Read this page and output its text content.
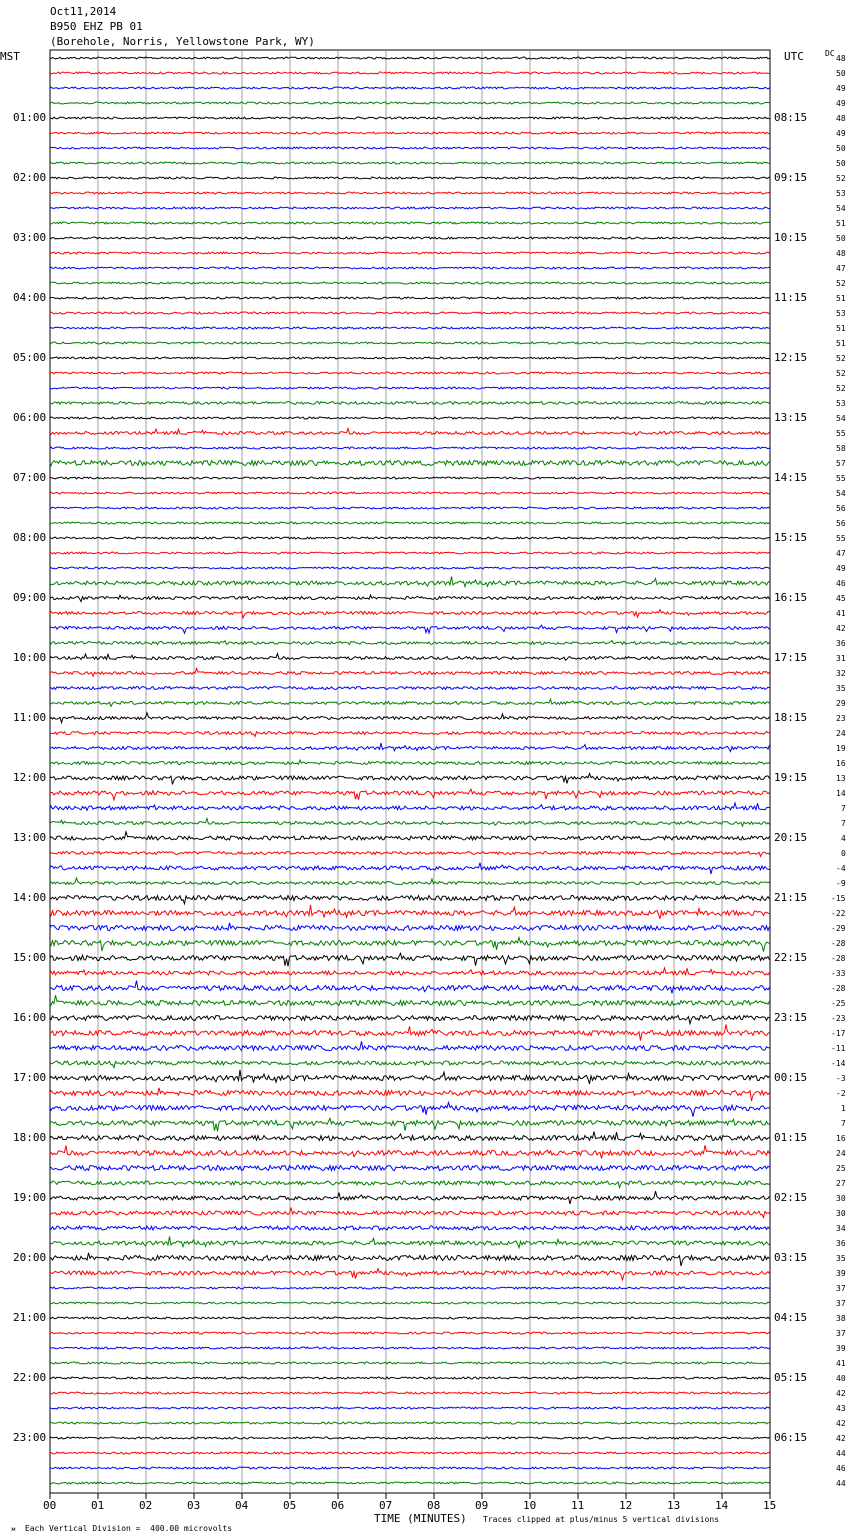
Oct11,2014
B950 EHZ PB 01
(Borehole, Norris, Yellowstone Park, WY)
MST	UTC	DC
00	01	02	03	04	05	06	07	08	09	10	11	12	13	14	15
01:00	08:15
02:00	09:15
03:00	10:15
04:00	11:15
05:00	12:15
06:00	13:15
07:00	14:15
08:00	15:15
09:00	16:15
10:00	17:15
11:00	18:15
12:00	19:15
13:00	20:15
14:00	21:15
15:00	22:15
16:00	23:15
17:00	00:15
18:00	01:15
19:00	02:15
20:00	03:15
21:00	04:15
22:00	05:15
23:00	06:15
48
50
49
49
48
49
50
50
52
53
54
51
50
48
47
52
51
53
51
51
52
52
52
53
54
55
58
57
55
54
56
56
55
47
49
46
45
41
42
36
31
32
35
29
23
24
19
16
13
14
7
7
4
0
-4
-9
-15
-22
-29
-28
-28
-33
-28
-25
-23
-17
-11
-14
-3
-2
1
7
16
24
25
27
30
30
34
36
35
39
37
37
38
37
39
41
40
42
43
42
42
44
46
44

м Each Vertical Division =  400.00 microvolts

TIME (MINUTES) Traces clipped at plus/minus 5 vertical divisions
